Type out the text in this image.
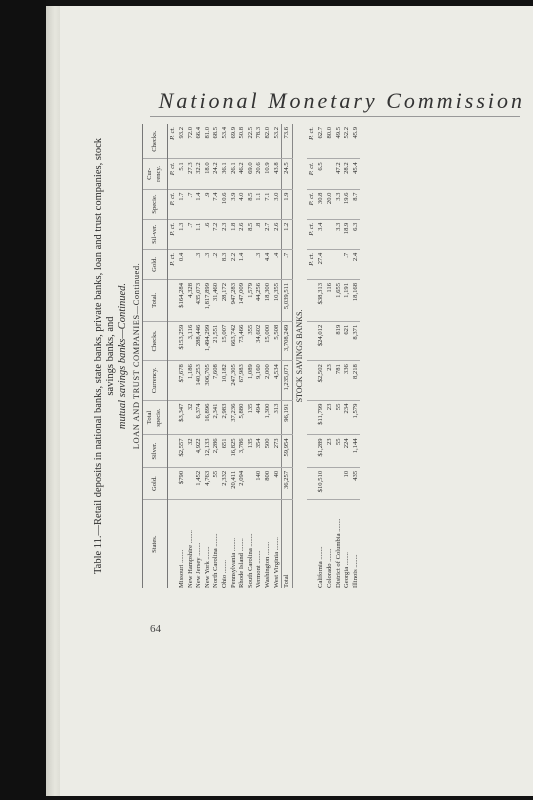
National Monetary Commission
Table 11.—Retail deposits in national banks, state banks, private banks, loan and trust companies, stock savings banks, and mutual savings banks—Continued. LOAN AND TRUST COMPANIES—Continued.
States.	Gold.	Silver.	Total specie.	Currency.	Checks.	Total.	Gold.	Sil-ver.	Specie.	Cur-rency.	Checks.
							P. ct.	P. ct.	P. ct.	P. ct.	P. ct.
Missouri ........	$790	$2,557	$3,347	$7,678	$153,259	$164,284	0.4	1.3	1.7	5.1	93.2
New Hampshire ........		32	32	1,186	3,116	4,328		.7	.7	27.3	72.0
New Jersey ........	1,452	4,922	6,374	140,253	288,446	435,073	.3	1.1	1.4	32.2	66.4
New York ........	4,763	12,133	16,896	306,705	1,494,299	1,817,899	.3	.6	.9	18.0	81.0
North Carolina ........	55	2,286	2,341	7,608	21,551	31,460	.2	7.2	7.4	24.2	68.5
Ohio ........	2,332	651	2,983	10,182	15,007	28,172	8.3	2.3	10.6	36.1	53.4
Pennsylvania ........	20,411	16,825	37,236	247,305	663,742	947,283	2.2	1.8	3.9	26.1	69.9
Rhode Island ........	2,094	3,786	5,880	67,983	73,466	147,009	1.4	2.6	4.0	46.2	50.8
South Carolina ........		135	135	1,089	355	1,579		8.5	8.5	69.0	22.5
Vermont ........	140	354	494	9,160	34,602	44,256	.3	.8	1.1	20.6	78.3
Washington ........	800	500	1,300	2,000	15,000	18,300	4.4	2.7	7.1	10.9	82.0
West Virginia ........	40	273	313	4,534	5,508	10,355	.4	2.6	3.0	43.8	53.2
Total	36,257	59,954	96,191	1,235,071	3,708,249	5,039,511	.7	1.2	1.9	24.5	73.6
STOCK SAVINGS BANKS.											
							P. ct.	P. ct.	P. ct.	P. ct.	P. ct.
California ........	$10,510	$1,289	$11,799	$2,502	$24,012	$38,313	27.4	3.4	30.8	6.5	62.7
Colorado ........		23	23	23		116			20.0		80.0
District of Columbia ........		55	55	781	819	1,655		3.3	3.3	47.2	49.5
Georgia ........	10	224	234	336	621	1,191	.7	18.9	19.6	28.2	52.2
Illinois ........	435	1,144	1,579	8,218	8,371	18,168	2.4	6.3	8.7	45.4	45.9
64
